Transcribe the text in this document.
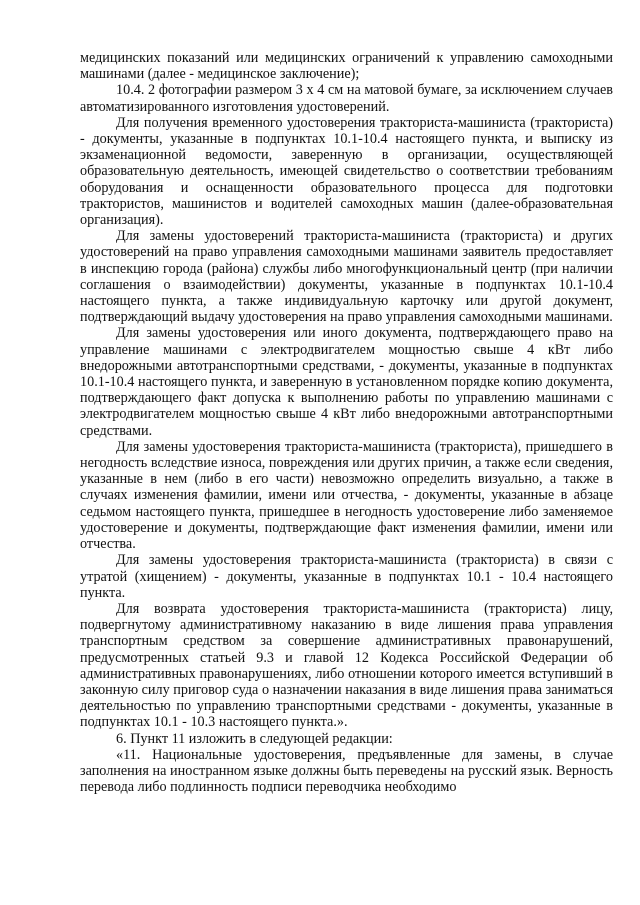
медицинских показаний или медицинских ограничений к управлению самоходными машинами (далее - медицинское заключение);

10.4. 2 фотографии размером 3 х 4 см на матовой бумаге, за исключением случаев автоматизированного изготовления удостоверений.

Для получения временного удостоверения тракториста-машиниста (тракториста) - документы, указанные в подпунктах 10.1-10.4 настоящего пункта, и выписку из экзаменационной ведомости, заверенную в организации, осуществляющей образовательную деятельность, имеющей свидетельство о соответствии требованиям оборудования и оснащенности образовательного процесса для подготовки трактористов, машинистов и водителей самоходных машин (далее-образовательная организация).

Для замены удостоверений тракториста-машиниста (тракториста) и других удостоверений на право управления самоходными машинами заявитель предоставляет в инспекцию города (района) службы либо многофункциональный центр (при наличии соглашения о взаимодействии) документы, указанные в подпунктах 10.1-10.4 настоящего пункта, а также индивидуальную карточку или другой документ, подтверждающий выдачу удостоверения на право управления самоходными машинами.

Для замены удостоверения или иного документа, подтверждающего право на управление машинами с электродвигателем мощностью свыше 4 кВт либо внедорожными автотранспортными средствами, - документы, указанные в подпунктах 10.1-10.4 настоящего пункта, и заверенную в установленном порядке копию документа, подтверждающего факт допуска к выполнению работы по управлению машинами с электродвигателем мощностью свыше 4 кВт либо внедорожными автотранспортными средствами.

Для замены удостоверения тракториста-машиниста (тракториста), пришедшего в негодность вследствие износа, повреждения или других причин, а также если сведения, указанные в нем (либо в его части) невозможно определить визуально, а также в случаях изменения фамилии, имени или отчества, - документы, указанные в абзаце седьмом настоящего пункта, пришедшее в негодность удостоверение либо заменяемое удостоверение и документы, подтверждающие факт изменения фамилии, имени или отчества.

Для замены удостоверения тракториста-машиниста (тракториста) в связи с утратой (хищением) - документы, указанные в подпунктах 10.1 - 10.4 настоящего пункта.

Для возврата удостоверения тракториста-машиниста (тракториста) лицу, подвергнутому административному наказанию в виде лишения права управления транспортным средством за совершение административных правонарушений, предусмотренных статьей 9.3 и главой 12 Кодекса Российской Федерации об административных правонарушениях, либо отношении которого имеется вступивший в законную силу приговор суда о назначении наказания в виде лишения права заниматься деятельностью по управлению транспортными средствами - документы, указанные в подпунктах 10.1 - 10.3 настоящего пункта.».

6. Пункт 11 изложить в следующей редакции:

«11. Национальные удостоверения, предъявленные для замены, в случае заполнения на иностранном языке должны быть переведены на русский язык. Верность перевода либо подлинность подписи переводчика необходимо
